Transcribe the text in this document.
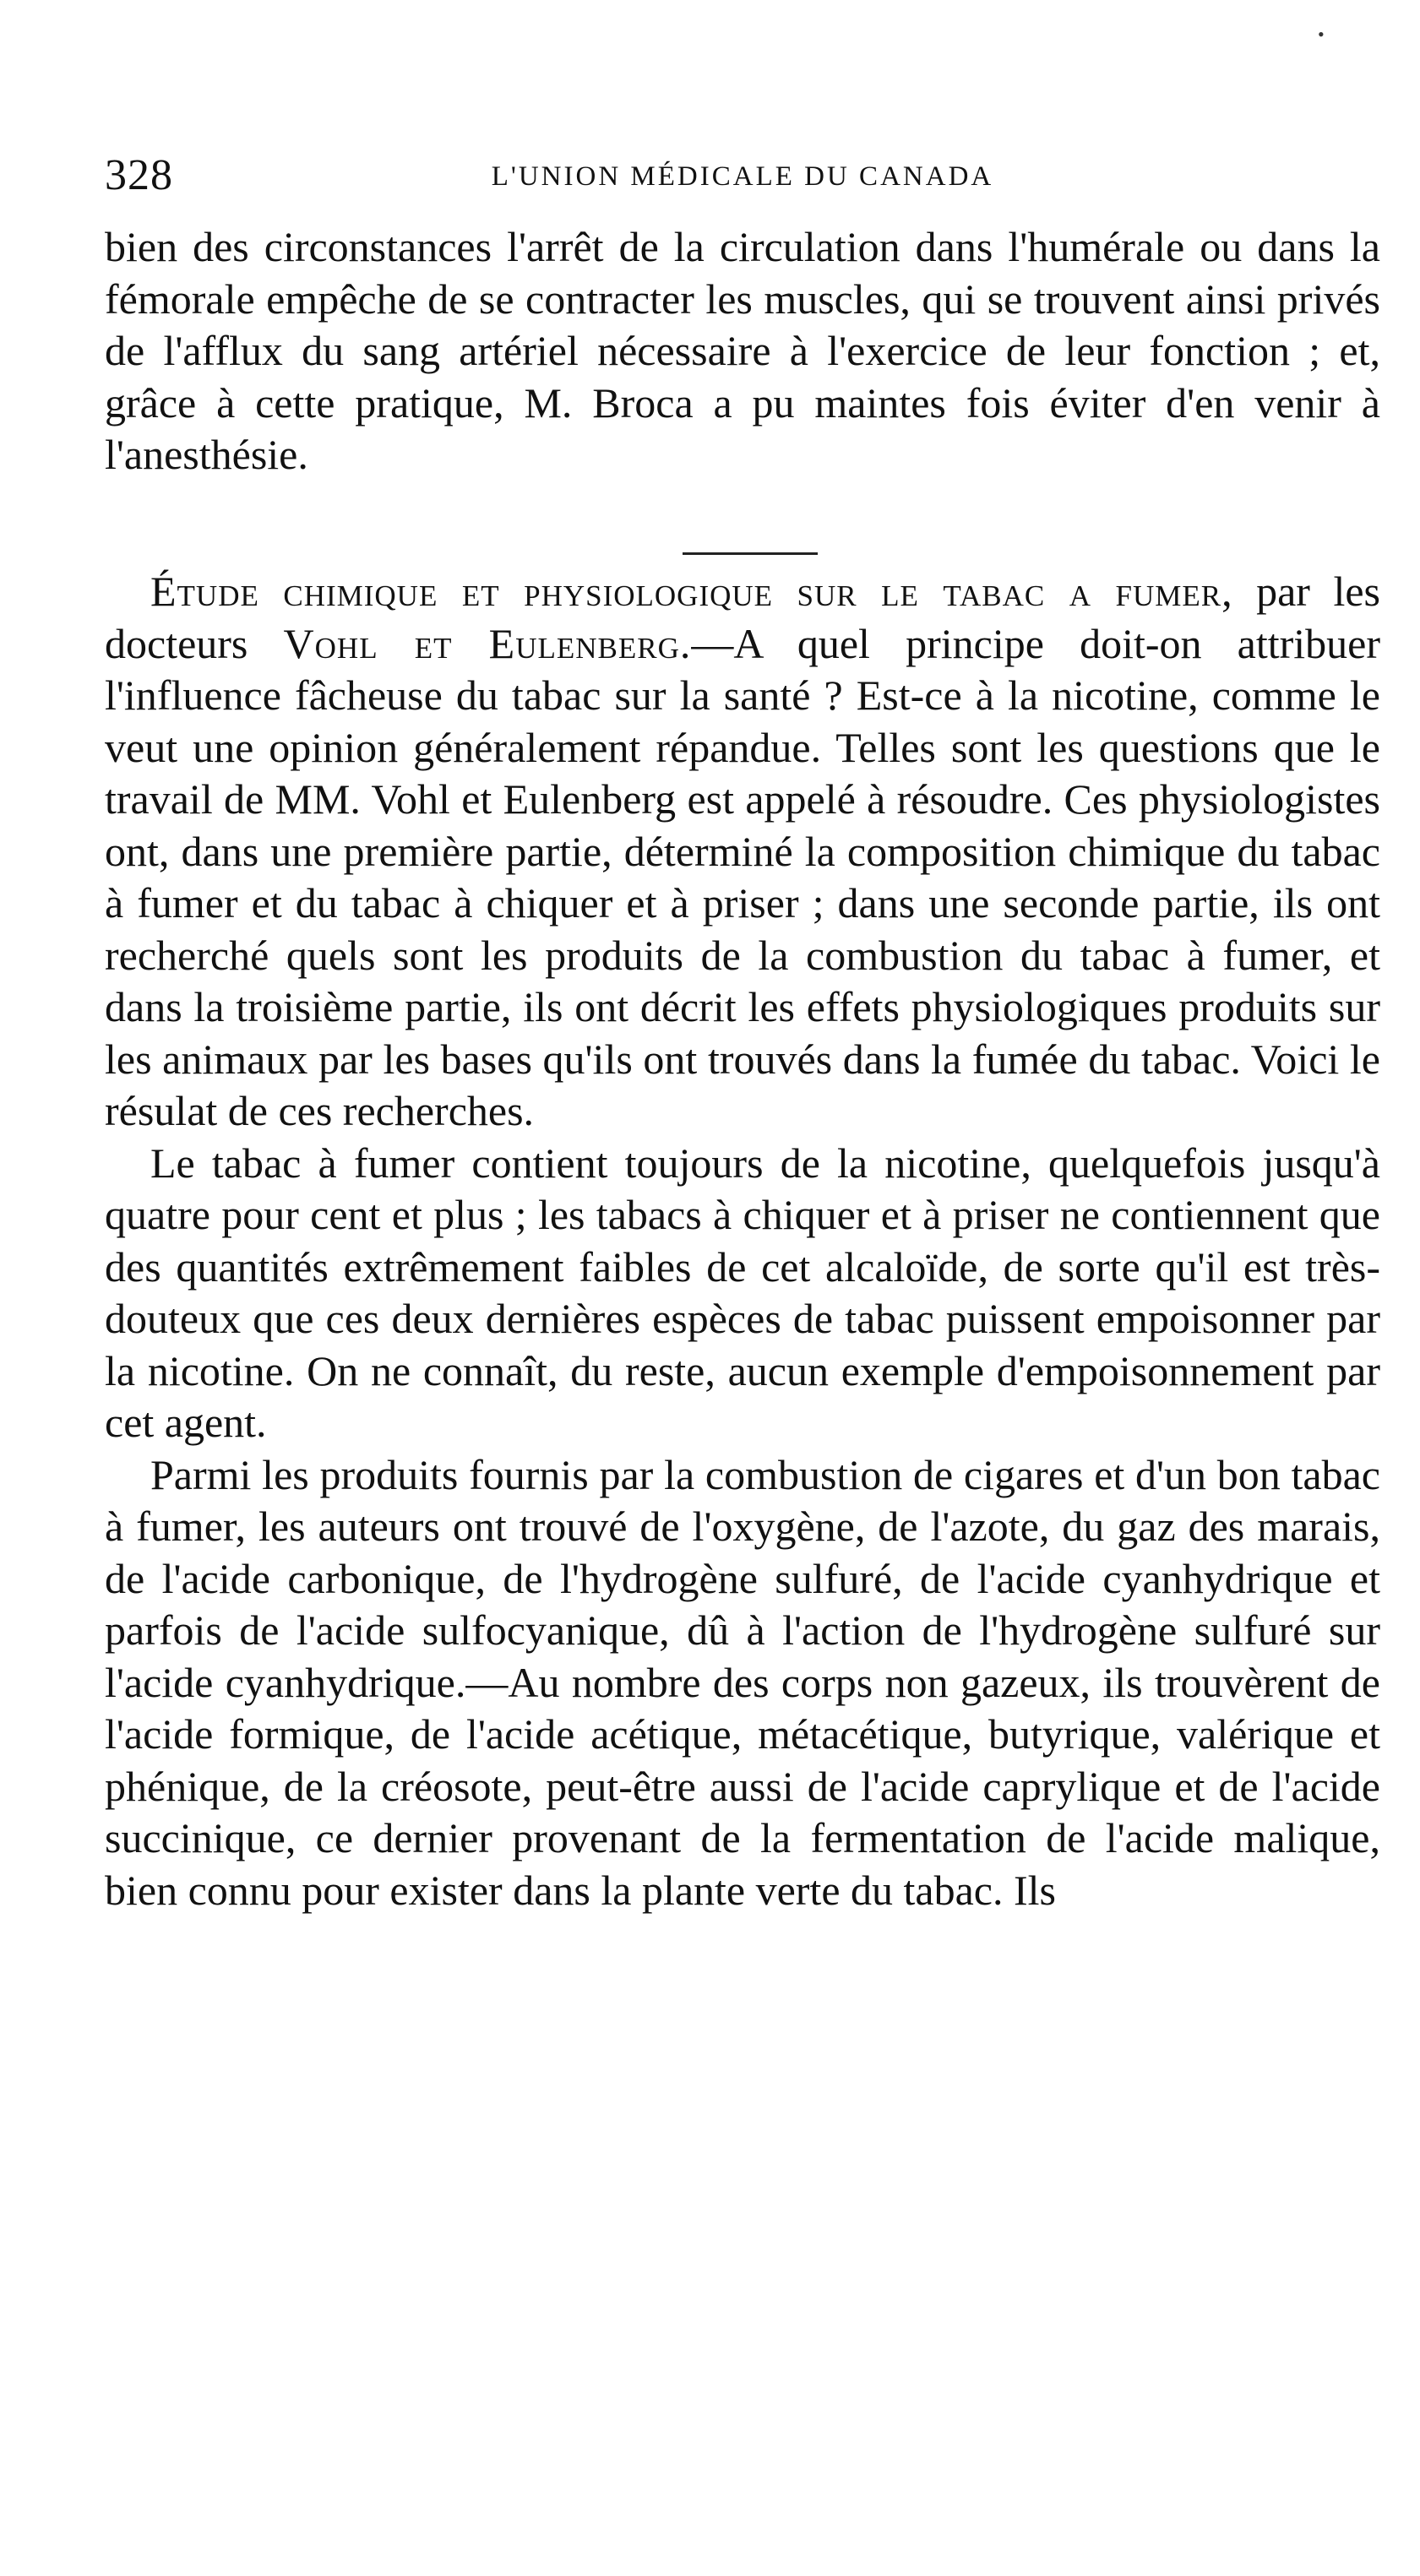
•
328	L'UNION MÉDICALE DU CANADA

bien des circonstances l'arrêt de la circulation dans l'humérale ou dans la fémorale empêche de se contracter les muscles, qui se trouvent ainsi privés de l'afflux du sang artériel nécessaire à l'exercice de leur fonction ; et, grâce à cette pratique, M. Broca a pu maintes fois éviter d'en venir à l'anesthésie.

Étude chimique et physiologique sur le tabac a fumer, par les docteurs Vohl et Eulenberg.—A quel principe doit-on attribuer l'influence fâcheuse du tabac sur la santé ? Est-ce à la nicotine, comme le veut une opinion généralement répandue. Telles sont les questions que le travail de MM. Vohl et Eulenberg est appelé à résoudre. Ces physiologistes ont, dans une première partie, déterminé la composition chimique du tabac à fumer et du tabac à chiquer et à priser ; dans une seconde partie, ils ont recherché quels sont les produits de la combustion du tabac à fumer, et dans la troisième partie, ils ont décrit les effets physiologiques produits sur les animaux par les bases qu'ils ont trouvés dans la fumée du tabac. Voici le résulat de ces recherches.

Le tabac à fumer contient toujours de la nicotine, quelquefois jusqu'à quatre pour cent et plus ; les tabacs à chiquer et à priser ne contiennent que des quantités extrêmement faibles de cet alcaloïde, de sorte qu'il est très-douteux que ces deux dernières espèces de tabac puissent empoisonner par la nicotine. On ne connaît, du reste, aucun exemple d'empoisonnement par cet agent.

Parmi les produits fournis par la combustion de cigares et d'un bon tabac à fumer, les auteurs ont trouvé de l'oxygène, de l'azote, du gaz des marais, de l'acide carbonique, de l'hydrogène sulfuré, de l'acide cyanhydrique et parfois de l'acide sulfocyanique, dû à l'action de l'hydrogène sulfuré sur l'acide cyanhydrique.—Au nombre des corps non gazeux, ils trouvèrent de l'acide formique, de l'acide acétique, métacétique, butyrique, valérique et phénique, de la créosote, peut-être aussi de l'acide caprylique et de l'acide succinique, ce dernier provenant de la fermentation de l'acide malique, bien connu pour exister dans la plante verte du tabac. Ils
